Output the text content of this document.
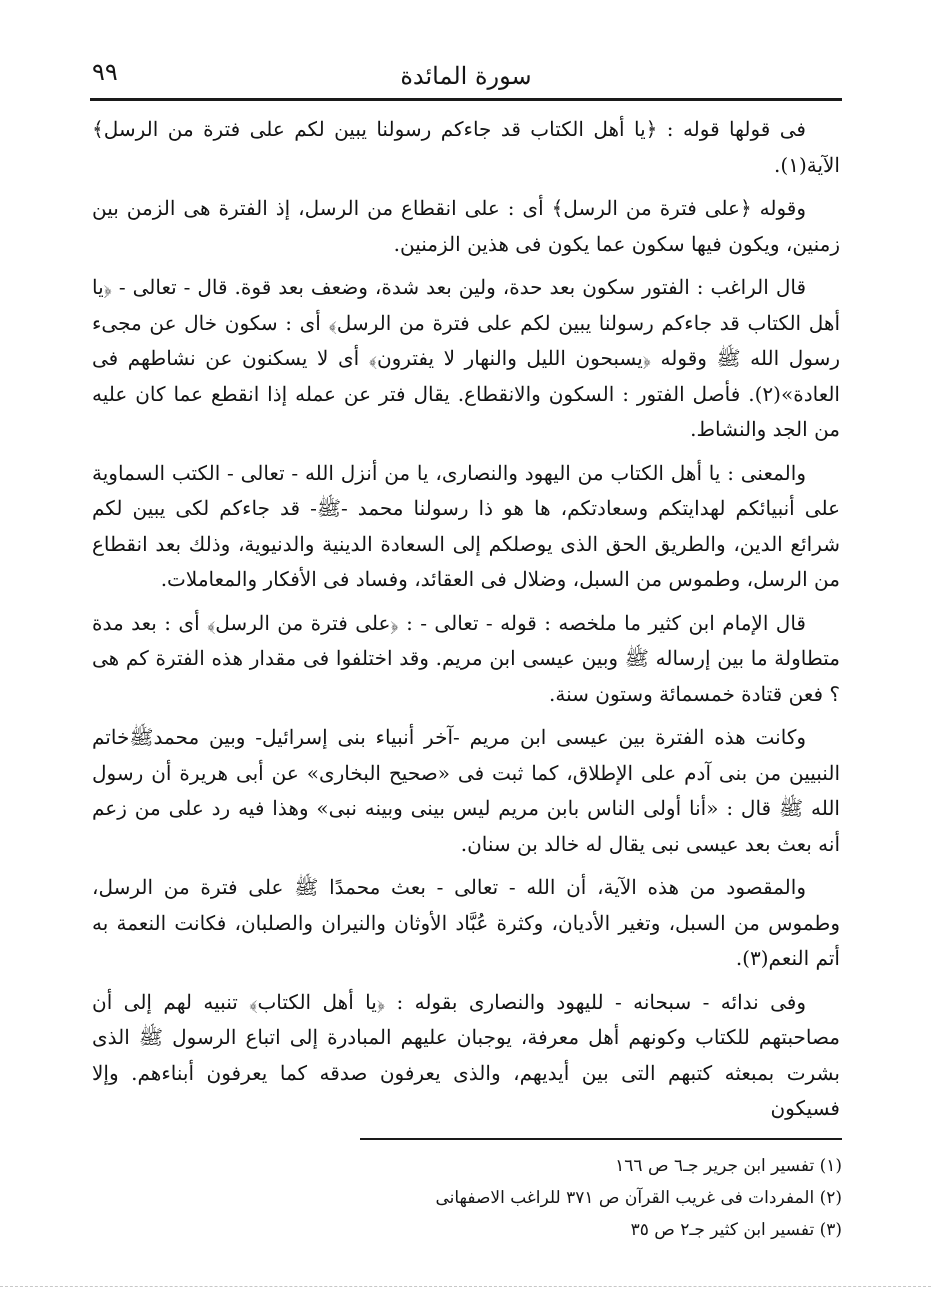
٩٩	سورة المائدة

فى قولها قوله : ﴿يا أهل الكتاب قد جاءكم رسولنا يبين لكم على فترة من الرسل﴾ الآية(١).

وقوله ﴿على فترة من الرسل﴾ أى : على انقطاع من الرسل، إذ الفترة هى الزمن بين زمنين، ويكون فيها سكون عما يكون فى هذين الزمنين.

قال الراغب : الفتور سكون بعد حدة، ولين بعد شدة، وضعف بعد قوة. قال - تعالى - ﴿يا أهل الكتاب قد جاءكم رسولنا يبين لكم على فترة من الرسل﴾ أى : سكون خال عن مجىء رسول الله ﷺ وقوله ﴿يسبحون الليل والنهار لا يفترون﴾ أى لا يسكنون عن نشاطهم فى العادة»(٢). فأصل الفتور : السكون والانقطاع. يقال فتر عن عمله إذا انقطع عما كان عليه من الجد والنشاط.

والمعنى : يا أهل الكتاب من اليهود والنصارى، يا من أنزل الله - تعالى - الكتب السماوية على أنبيائكم لهدايتكم وسعادتكم، ها هو ذا رسولنا محمد -ﷺ- قد جاءكم لكى يبين لكم شرائع الدين، والطريق الحق الذى يوصلكم إلى السعادة الدينية والدنيوية، وذلك بعد انقطاع من الرسل، وطموس من السبل، وضلال فى العقائد، وفساد فى الأفكار والمعاملات.

قال الإمام ابن كثير ما ملخصه : قوله - تعالى - : ﴿على فترة من الرسل﴾ أى : بعد مدة متطاولة ما بين إرساله ﷺ وبين عيسى ابن مريم. وقد اختلفوا فى مقدار هذه الفترة كم هى ؟ فعن قتادة خمسمائة وستون سنة.

وكانت هذه الفترة بين عيسى ابن مريم -آخر أنبياء بنى إسرائيل- وبين محمدﷺخاتم النبيين من بنى آدم على الإطلاق، كما ثبت فى «صحيح البخارى» عن أبى هريرة أن رسول الله ﷺ قال : «أنا أولى الناس بابن مريم ليس بينى وبينه نبى» وهذا فيه رد على من زعم أنه بعث بعد عيسى نبى يقال له خالد بن سنان.

والمقصود من هذه الآية، أن الله - تعالى - بعث محمدًا ﷺ على فترة من الرسل، وطموس من السبل، وتغير الأديان، وكثرة عُبَّاد الأوثان والنيران والصلبان، فكانت النعمة به أتم النعم(٣).

وفى ندائه - سبحانه - لليهود والنصارى بقوله : ﴿يا أهل الكتاب﴾ تنبيه لهم إلى أن مصاحبتهم للكتاب وكونهم أهل معرفة، يوجبان عليهم المبادرة إلى اتباع الرسول ﷺ الذى بشرت بمبعثه كتبهم التى بين أيديهم، والذى يعرفون صدقه كما يعرفون أبناءهم. وإلا فسيكون

(١) تفسير ابن جرير جـ٦ ص ١٦٦

(٢) المفردات فى غريب القرآن ص ٣٧١ للراغب الاصفهانى

(٣) تفسير ابن كثير جـ٢ ص ٣٥
